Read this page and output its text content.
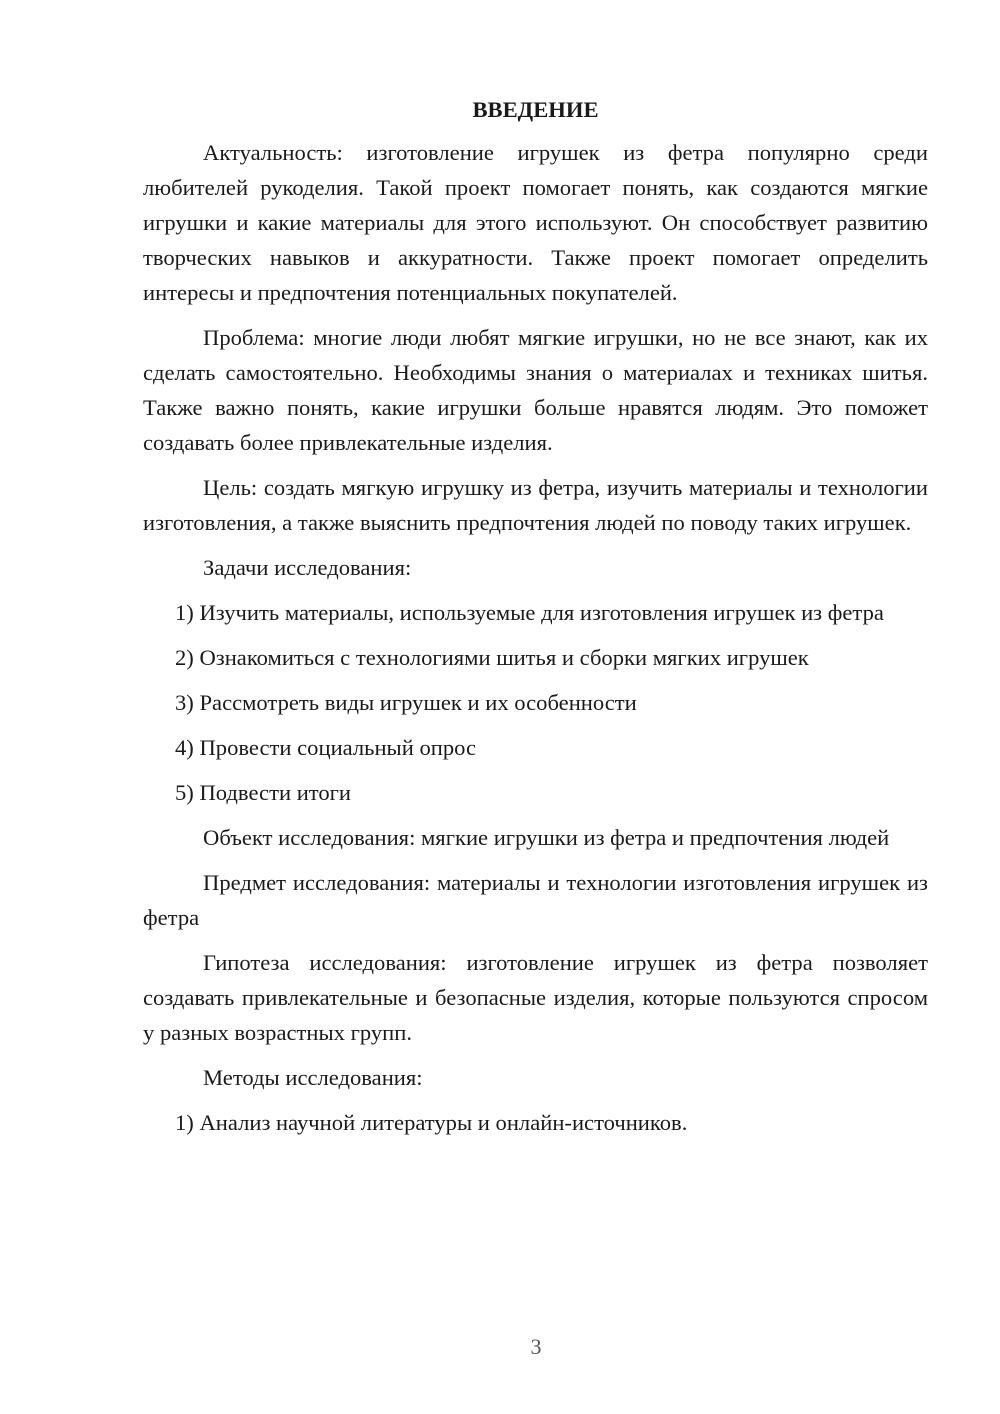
ВВЕДЕНИЕ

Актуальность: изготовление игрушек из фетра популярно среди любителей рукоделия. Такой проект помогает понять, как создаются мягкие игрушки и какие материалы для этого используют. Он способствует развитию творческих навыков и аккуратности. Также проект помогает определить интересы и предпочтения потенциальных покупателей.

Проблема: многие люди любят мягкие игрушки, но не все знают, как их сделать самостоятельно. Необходимы знания о материалах и техниках шитья. Также важно понять, какие игрушки больше нравятся людям. Это поможет создавать более привлекательные изделия.

Цель: создать мягкую игрушку из фетра, изучить материалы и технологии изготовления, а также выяснить предпочтения людей по поводу таких игрушек.

Задачи исследования:

1) Изучить материалы, используемые для изготовления игрушек из фетра

2) Ознакомиться с технологиями шитья и сборки мягких игрушек

3) Рассмотреть виды игрушек и их особенности

4) Провести социальный опрос

5) Подвести итоги

Объект исследования: мягкие игрушки из фетра и предпочтения людей

Предмет исследования: материалы и технологии изготовления игрушек из фетра

Гипотеза исследования: изготовление игрушек из фетра позволяет создавать привлекательные и безопасные изделия, которые пользуются спросом у разных возрастных групп.

Методы исследования:

1) Анализ научной литературы и онлайн-источников.

3
